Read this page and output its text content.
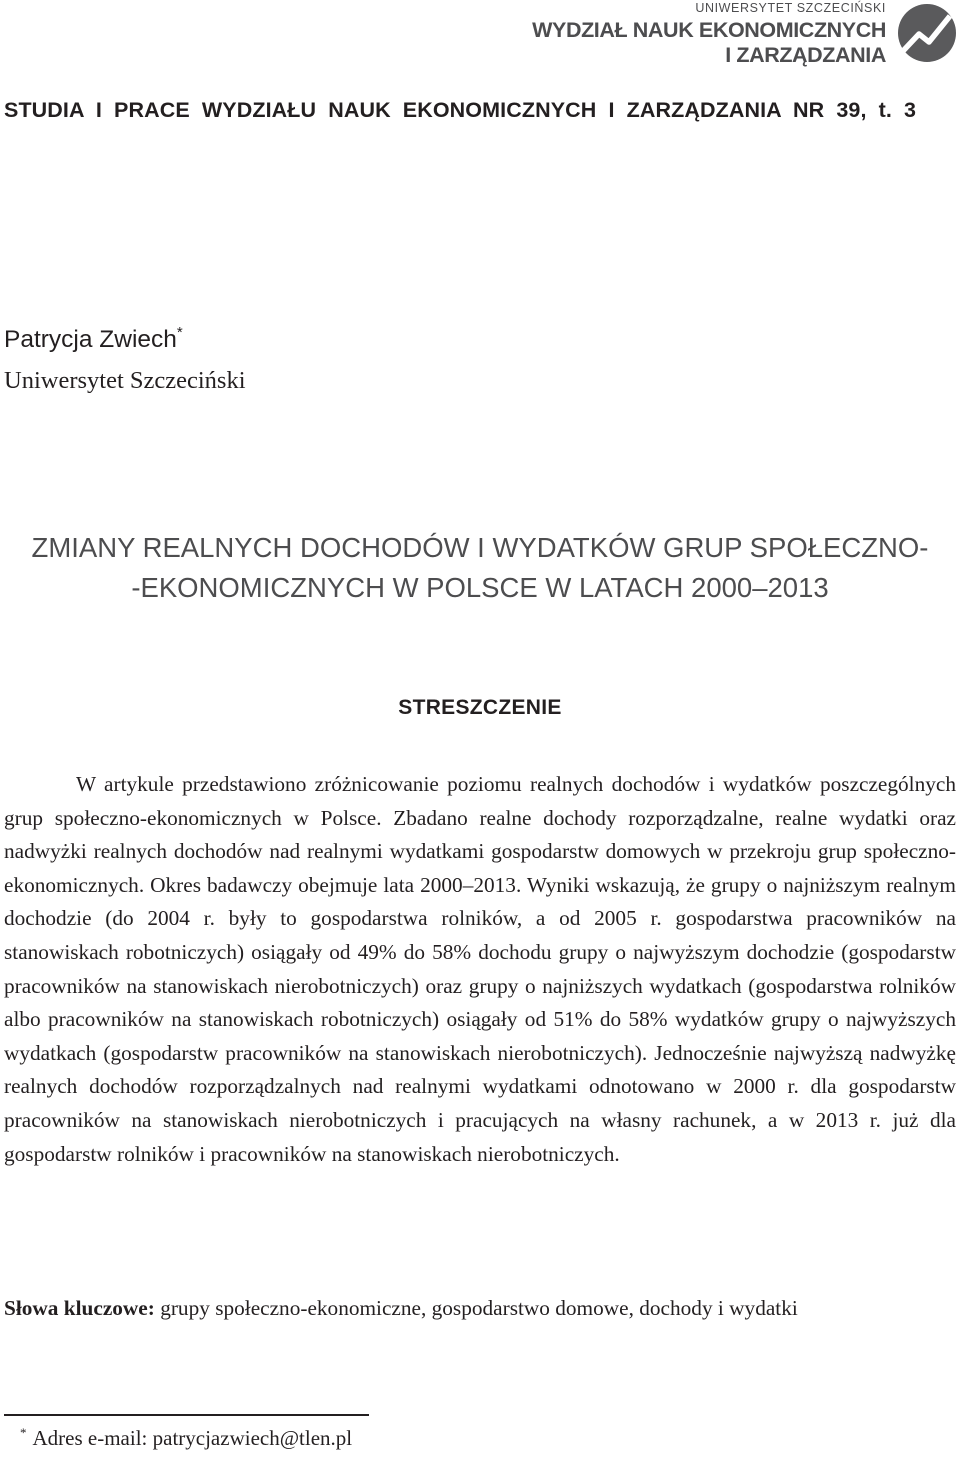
UNIWERSYTET SZCZECIŃSKI
WYDZIAŁ NAUK EKONOMICZNYCH
I ZARZĄDZANIA
STUDIA I PRACE WYDZIAŁU NAUK EKONOMICZNYCH I ZARZĄDZANIA NR 39, t. 3
Patrycja Zwiech*
Uniwersytet Szczeciński
ZMIANY REALNYCH DOCHODÓW I WYDATKÓW GRUP SPOŁECZNO-
-EKONOMICZNYCH W POLSCE W LATACH 2000–2013
STRESZCZENIE

W artykule przedstawiono zróżnicowanie poziomu realnych dochodów i wydatków poszczególnych grup społeczno-ekonomicznych w Polsce. Zbadano realne dochody rozporządzalne, realne wydatki oraz nadwyżki realnych dochodów nad realnymi wydatkami gospodarstw domowych w przekroju grup społeczno-ekonomicznych. Okres badawczy obejmuje lata 2000–2013. Wyniki wskazują, że grupy o najniższym realnym dochodzie (do 2004 r. były to gospodarstwa rolników, a od 2005 r. gospodarstwa pracowników na stanowiskach robotniczych) osiągały od 49% do 58% dochodu grupy o najwyższym dochodzie (gospodarstw pracowników na stanowiskach nierobotniczych) oraz grupy o najniższych wydatkach (gospodarstwa rolników albo pracowników na stanowiskach robotniczych) osiągały od 51% do 58% wydatków grupy o najwyższych wydatkach (gospodarstw pracowników na stanowiskach nierobotniczych). Jednocześnie najwyższą nadwyżkę realnych dochodów rozporządzalnych nad realnymi wydatkami odnotowano w 2000 r. dla gospodarstw pracowników na stanowiskach nierobotniczych i pracujących na własny rachunek, a w 2013 r. już dla gospodarstw rolników i pracowników na stanowiskach nierobotniczych.

Słowa kluczowe: grupy społeczno-ekonomiczne, gospodarstwo domowe, dochody i wydatki
* Adres e-mail: patrycjazwiech@tlen.pl
